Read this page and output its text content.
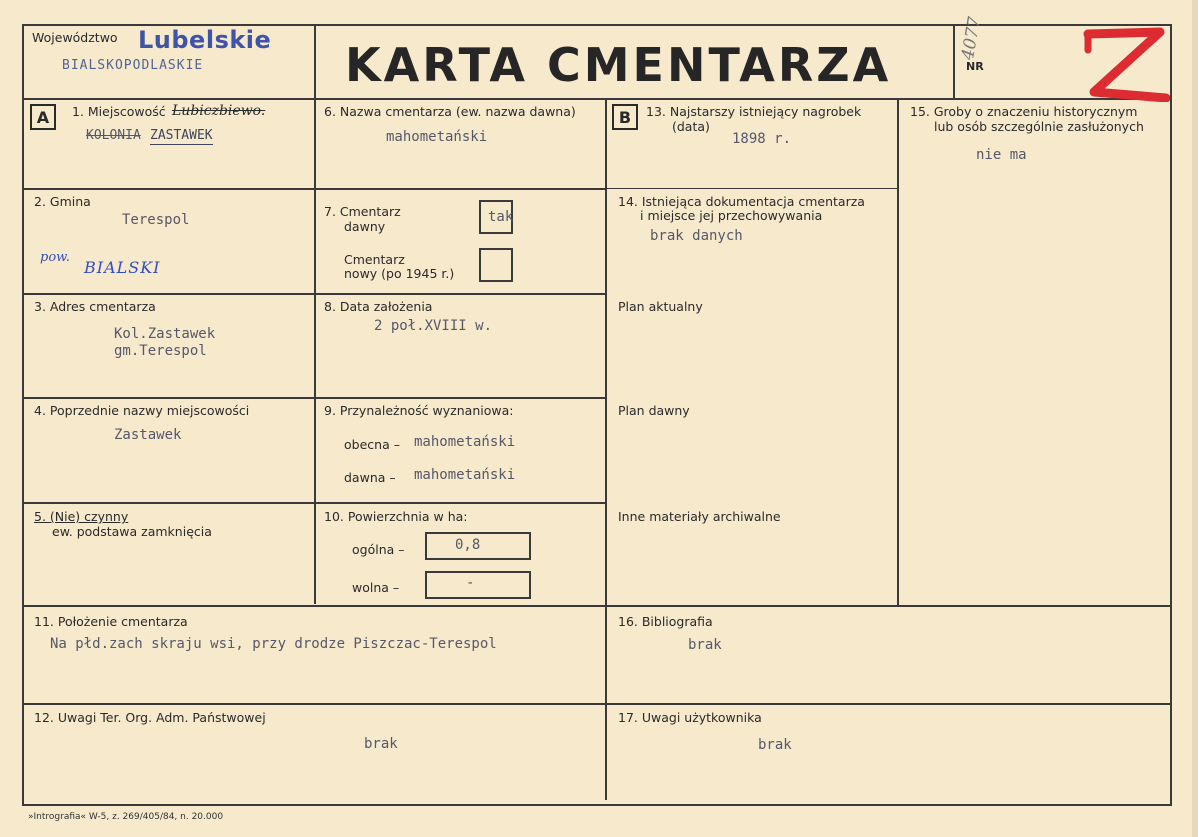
Województwo Lubelskie
BIALSKOPODLASKIE	KARTA CMENTARZA	4077
NR
A	1. Miejscowość Lubiczbiewo.
KOLONIA ZASTAWEK
2. Gmina
Terespol
pow.
BIALSKI
3. Adres cmentarza
Kol.Zastawek
gm.Terespol
4. Poprzednie nazwy miejscowości
Zastawek
5. (Nie) czynny
ew. podstawa zamknięcia
6. Nazwa cmentarza (ew. nazwa dawna)
mahometański
7. Cmentarz
dawny
tak
Cmentarz
nowy (po 1945 r.)
8. Data założenia
2 poł.XVIII w.
9. Przynależność wyznaniowa:
obecna – mahometański
dawna – mahometański
10. Powierzchnia w ha:
ogólna –	0,8
wolna –	-
B	13. Najstarszy istniejący nagrobek
(data)
1898 r.
14. Istniejąca dokumentacja cmentarza
i miejsce jej przechowywania
brak danych
Plan aktualny
Plan dawny
Inne materiały archiwalne
15. Groby o znaczeniu historycznym
lub osób szczególnie zasłużonych
nie ma
11. Położenie cmentarza
Na płd.zach skraju wsi, przy drodze Piszczac-Terespol
16. Bibliografia
brak
12. Uwagi Ter. Org. Adm. Państwowej
brak
17. Uwagi użytkownika
brak
»Intrografia« W-5, z. 269/405/84, n. 20.000
